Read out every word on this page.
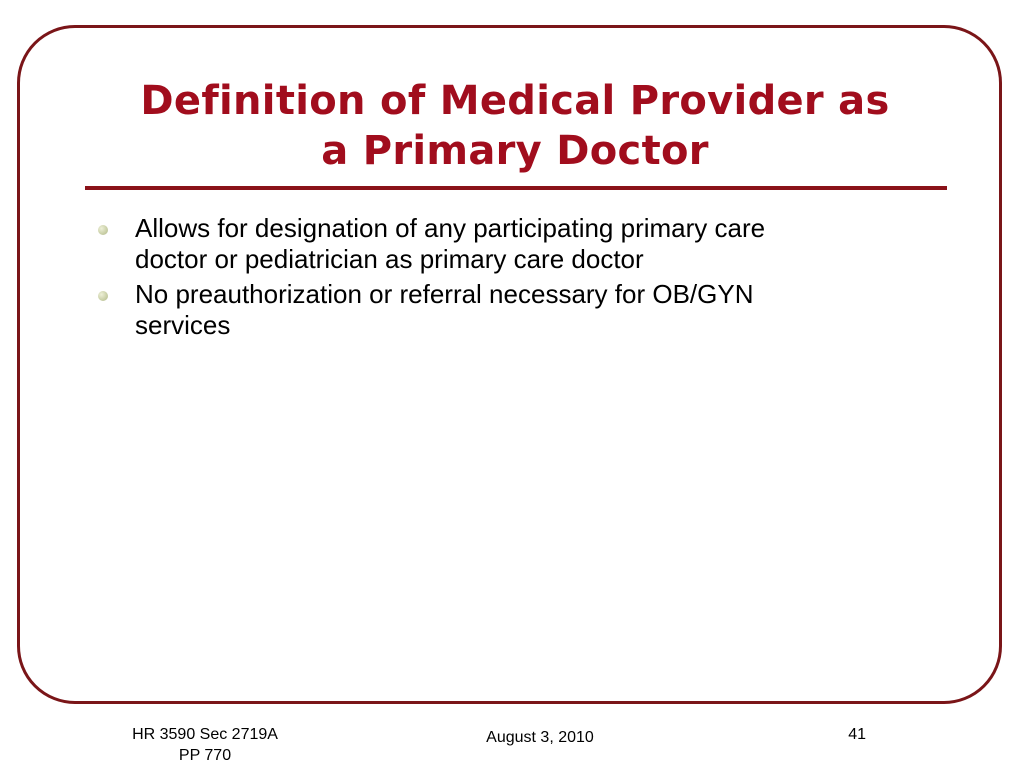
Definition of Medical Provider as
a Primary Doctor
Allows for designation of any participating primary care
doctor or pediatrician as primary care doctor
No preauthorization or referral necessary for OB/GYN
services
HR 3590 Sec 2719A
PP 770
August 3, 2010	41
